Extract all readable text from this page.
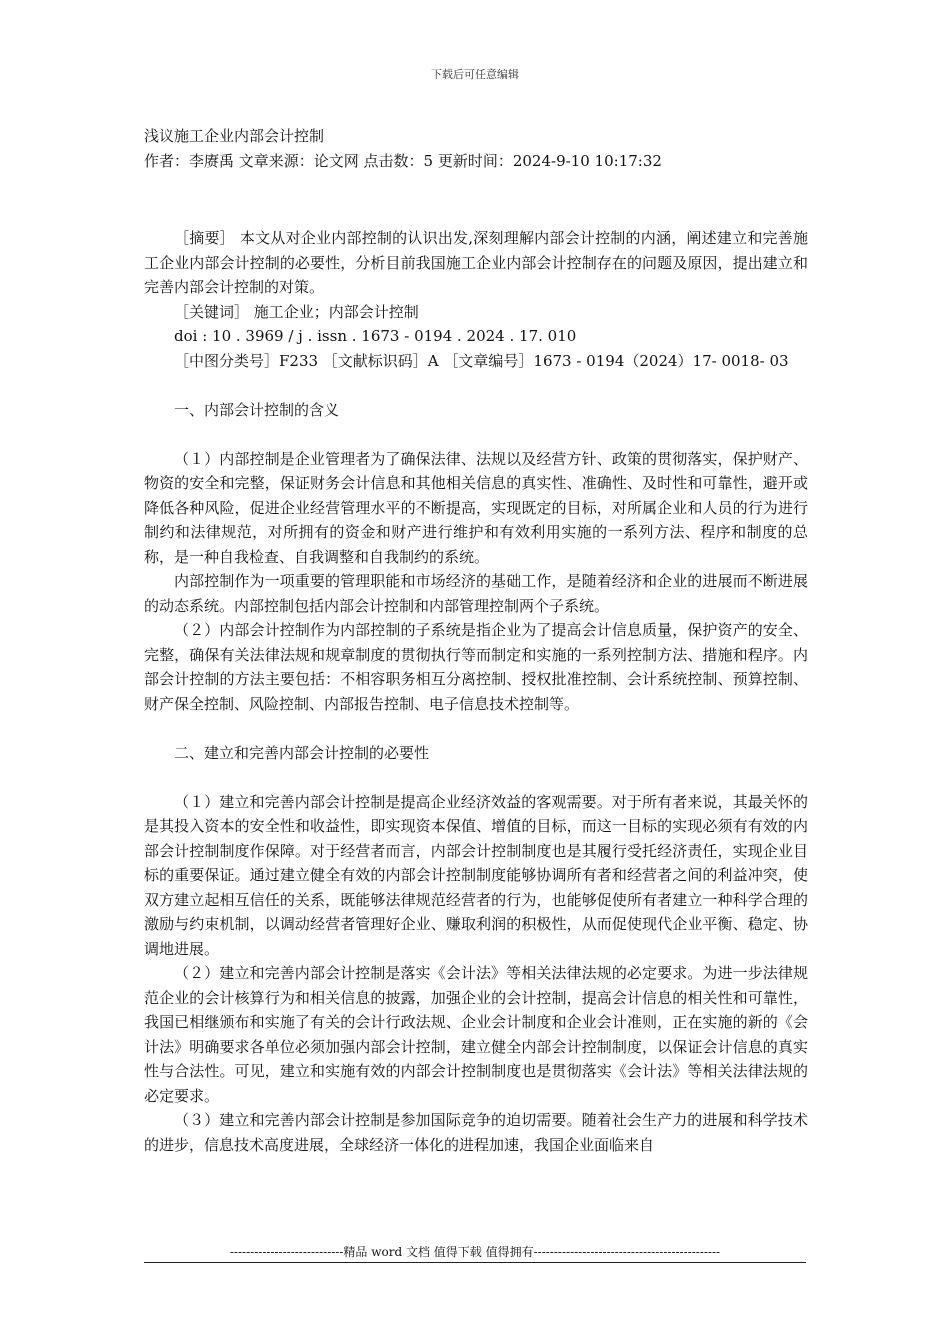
下载后可任意编辑
浅议施工企业内部会计控制
作者：李赓禹 文章来源：论文网 点击数：5 更新时间：2024-9-10 10:17:32

［摘要］ 本文从对企业内部控制的认识出发,深刻理解内部会计控制的内涵，阐述建立和完善施工企业内部会计控制的必要性，分析目前我国施工企业内部会计控制存在的问题及原因，提出建立和完善内部会计控制的对策。

［关键词］ 施工企业；内部会计控制

doi : 10 . 3969 / j . issn . 1673 - 0194 . 2024 . 17. 010

［中图分类号］F233 ［文献标识码］A ［文章编号］1673 - 0194（2024）17- 0018- 03

一、内部会计控制的含义

（１）内部控制是企业管理者为了确保法律、法规以及经营方针、政策的贯彻落实，保护财产、物资的安全和完整，保证财务会计信息和其他相关信息的真实性、准确性、及时性和可靠性，避开或降低各种风险，促进企业经营管理水平的不断提高，实现既定的目标，对所属企业和人员的行为进行制约和法律规范，对所拥有的资金和财产进行维护和有效利用实施的一系列方法、程序和制度的总称，是一种自我检查、自我调整和自我制约的系统。

内部控制作为一项重要的管理职能和市场经济的基础工作，是随着经济和企业的进展而不断进展的动态系统。内部控制包括内部会计控制和内部管理控制两个子系统。

（２）内部会计控制作为内部控制的子系统是指企业为了提高会计信息质量，保护资产的安全、完整，确保有关法律法规和规章制度的贯彻执行等而制定和实施的一系列控制方法、措施和程序。内部会计控制的方法主要包括：不相容职务相互分离控制、授权批准控制、会计系统控制、预算控制、财产保全控制、风险控制、内部报告控制、电子信息技术控制等。

二、建立和完善内部会计控制的必要性

（１）建立和完善内部会计控制是提高企业经济效益的客观需要。对于所有者来说，其最关怀的是其投入资本的安全性和收益性，即实现资本保值、增值的目标，而这一目标的实现必须有有效的内部会计控制制度作保障。对于经营者而言，内部会计控制制度也是其履行受托经济责任，实现企业目标的重要保证。通过建立健全有效的内部会计控制制度能够协调所有者和经营者之间的利益冲突，使双方建立起相互信任的关系，既能够法律规范经营者的行为，也能够促使所有者建立一种科学合理的激励与约束机制，以调动经营者管理好企业、赚取利润的积极性，从而促使现代企业平衡、稳定、协调地进展。

（２）建立和完善内部会计控制是落实《会计法》等相关法律法规的必定要求。为进一步法律规范企业的会计核算行为和相关信息的披露，加强企业的会计控制，提高会计信息的相关性和可靠性，我国已相继颁布和实施了有关的会计行政法规、企业会计制度和企业会计准则，正在实施的新的《会计法》明确要求各单位必须加强内部会计控制，建立健全内部会计控制制度，以保证会计信息的真实性与合法性。可见，建立和实施有效的内部会计控制制度也是贯彻落实《会计法》等相关法律法规的必定要求。

（３）建立和完善内部会计控制是参加国际竞争的迫切需要。随着社会生产力的进展和科学技术的进步，信息技术高度进展，全球经济一体化的进程加速，我国企业面临来自

----------------------------精品 word 文档 值得下载 值得拥有----------------------------------------------
